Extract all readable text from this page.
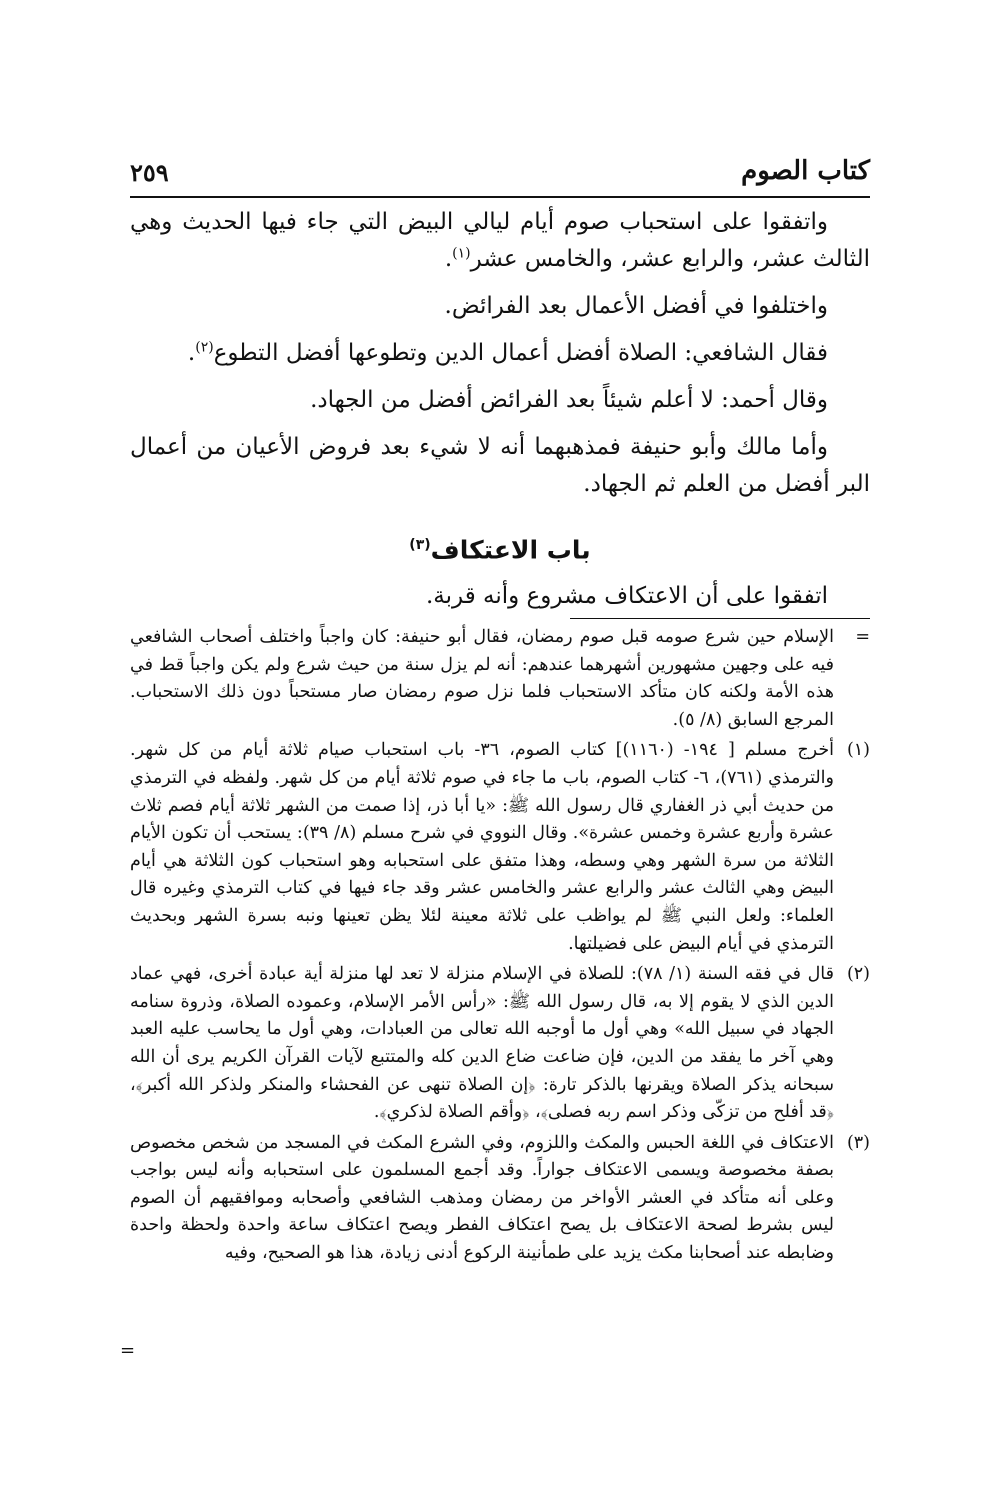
كتاب الصوم
٢٥٩

واتفقوا على استحباب صوم أيام ليالي البيض التي جاء فيها الحديث وهي الثالث عشر، والرابع عشر، والخامس عشر$^{(١)}$.

واختلفوا في أفضل الأعمال بعد الفرائض.

فقال الشافعي: الصلاة أفضل أعمال الدين وتطوعها أفضل التطوع$^{(٢)}$.

وقال أحمد: لا أعلم شيئاً بعد الفرائض أفضل من الجهاد.

وأما مالك وأبو حنيفة فمذهبهما أنه لا شيء بعد فروض الأعيان من أعمال البر أفضل من العلم ثم الجهاد.

باب الاعتكاف$^{(٣)}$

اتفقوا على أن الاعتكاف مشروع وأنه قربة.

=
الإسلام حين شرع صومه قبل صوم رمضان، فقال أبو حنيفة: كان واجباً واختلف أصحاب الشافعي فيه على وجهين مشهورين أشهرهما عندهم: أنه لم يزل سنة من حيث شرع ولم يكن واجباً قط في هذه الأمة ولكنه كان متأكد الاستحباب فلما نزل صوم رمضان صار مستحباً دون ذلك الاستحباب. المرجع السابق (٨/ ٥).
(١)
أخرج مسلم [ ١٩٤- (١١٦٠)] كتاب الصوم، ٣٦- باب استحباب صيام ثلاثة أيام من كل شهر. والترمذي (٧٦١)، ٦- كتاب الصوم، باب ما جاء في صوم ثلاثة أيام من كل شهر. ولفظه في الترمذي من حديث أبي ذر الغفاري قال رسول الله ﷺ: «يا أبا ذر، إذا صمت من الشهر ثلاثة أيام فصم ثلاث عشرة وأربع عشرة وخمس عشرة». وقال النووي في شرح مسلم (٨/ ٣٩): يستحب أن تكون الأيام الثلاثة من سرة الشهر وهي وسطه، وهذا متفق على استحبابه وهو استحباب كون الثلاثة هي أيام البيض وهي الثالث عشر والرابع عشر والخامس عشر وقد جاء فيها في كتاب الترمذي وغيره قال العلماء: ولعل النبي ﷺ لم يواظب على ثلاثة معينة لئلا يظن تعينها ونبه بسرة الشهر وبحديث الترمذي في أيام البيض على فضيلتها.
(٢)
قال في فقه السنة (١/ ٧٨): للصلاة في الإسلام منزلة لا تعد لها منزلة أية عبادة أخرى، فهي عماد الدين الذي لا يقوم إلا به، قال رسول الله ﷺ: «رأس الأمر الإسلام، وعموده الصلاة، وذروة سنامه الجهاد في سبيل الله» وهي أول ما أوجبه الله تعالى من العبادات، وهي أول ما يحاسب عليه العبد وهي آخر ما يفقد من الدين، فإن ضاعت ضاع الدين كله والمتتبع لآيات القرآن الكريم يرى أن الله سبحانه يذكر الصلاة ويقرنها بالذكر تارة: ﴿إن الصلاة تنهى عن الفحشاء والمنكر ولذكر الله أكبر﴾، ﴿قد أفلح من تزكّى وذكر اسم ربه فصلى﴾، ﴿وأقم الصلاة لذكري﴾.
(٣)
الاعتكاف في اللغة الحبس والمكث واللزوم، وفي الشرع المكث في المسجد من شخص مخصوص بصفة مخصوصة ويسمى الاعتكاف جواراً. وقد أجمع المسلمون على استحبابه وأنه ليس بواجب وعلى أنه متأكد في العشر الأواخر من رمضان ومذهب الشافعي وأصحابه وموافقيهم أن الصوم ليس بشرط لصحة الاعتكاف بل يصح اعتكاف الفطر ويصح اعتكاف ساعة واحدة ولحظة واحدة وضابطه عند أصحابنا مكث يزيد على طمأنينة الركوع أدنى زيادة، هذا هو الصحيح، وفيه
=
